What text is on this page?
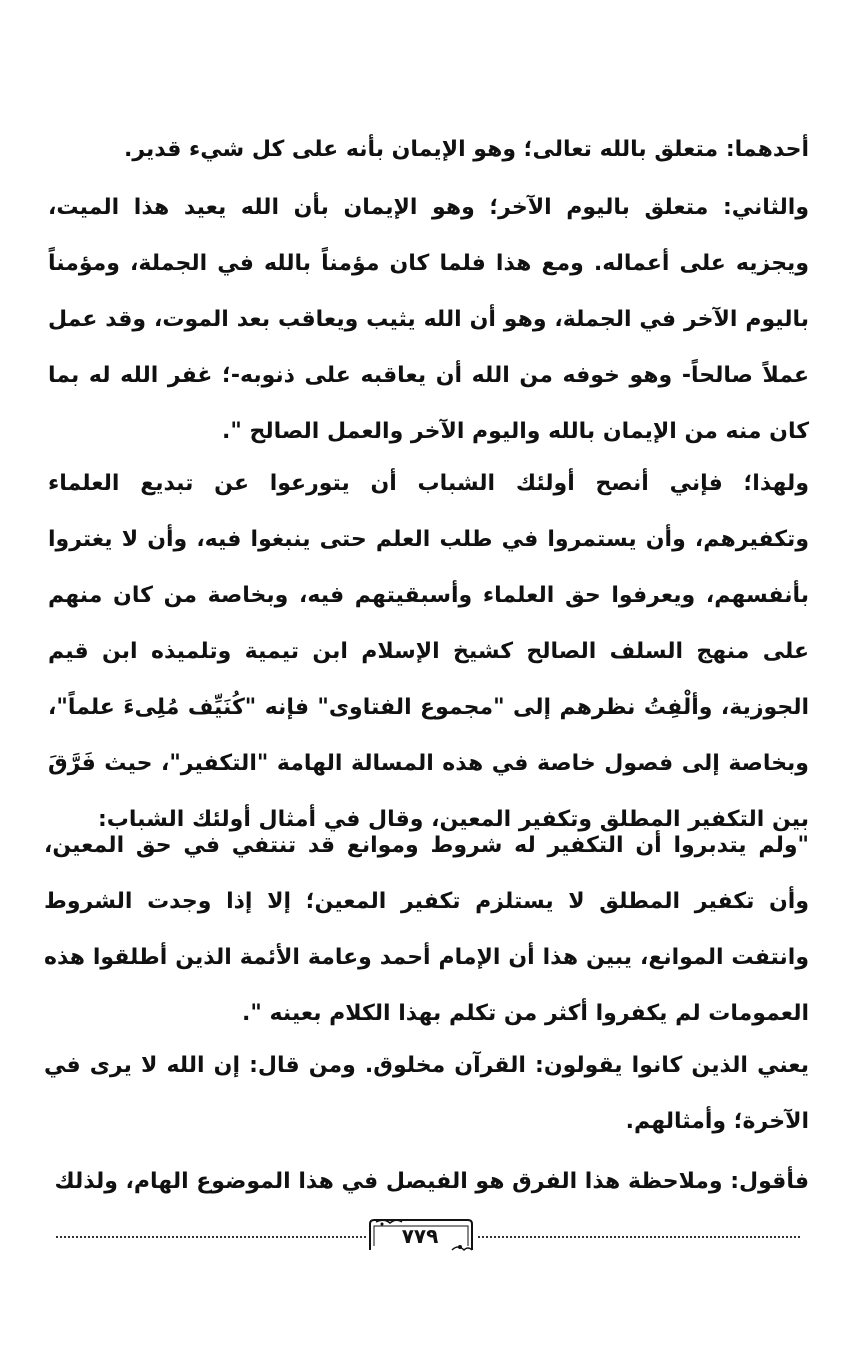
أحدهما: متعلق بالله تعالى؛ وهو الإيمان بأنه على كل شيء قدير.

والثاني: متعلق باليوم الآخر؛ وهو الإيمان بأن الله يعيد هذا الميت، ويجزيه على أعماله. ومع هذا فلما كان مؤمناً بالله في الجملة، ومؤمناً باليوم الآخر في الجملة، وهو أن الله يثيب ويعاقب بعد الموت، وقد عمل عملاً صالحاً- وهو خوفه من الله أن يعاقبه على ذنوبه-؛ غفر الله له بما كان منه من الإيمان بالله واليوم الآخر والعمل الصالح ".

ولهذا؛ فإني أنصح أولئك الشباب أن يتورعوا عن تبديع العلماء وتكفيرهم، وأن يستمروا في طلب العلم حتى ينبغوا فيه، وأن لا يغتروا بأنفسهم، ويعرفوا حق العلماء وأسبقيتهم فيه، وبخاصة من كان منهم على منهج السلف الصالح كشيخ الإسلام ابن تيمية وتلميذه ابن قيم الجوزية، وألْفِتُ نظرهم إلى "مجموع الفتاوى" فإنه "كُنَيِّف مُلِىءَ علماً"، وبخاصة إلى فصول خاصة في هذه المسالة الهامة "التكفير"، حيث فَرَّقَ بين التكفير المطلق وتكفير المعين، وقال في أمثال أولئك الشباب:

"ولم يتدبروا أن التكفير له شروط وموانع قد تنتفي في حق المعين، وأن تكفير المطلق لا يستلزم تكفير المعين؛ إلا إذا وجدت الشروط وانتفت الموانع، يبين هذا أن الإمام أحمد وعامة الأئمة الذين أطلقوا هذه العمومات لم يكفروا أكثر من تكلم بهذا الكلام بعينه ".

يعني الذين كانوا يقولون: القرآن مخلوق. ومن قال: إن الله لا يرى في الآخرة؛ وأمثالهم.

فأقول: وملاحظة هذا الفرق هو الفيصل في هذا الموضوع الهام، ولذلك

٧٧٩
